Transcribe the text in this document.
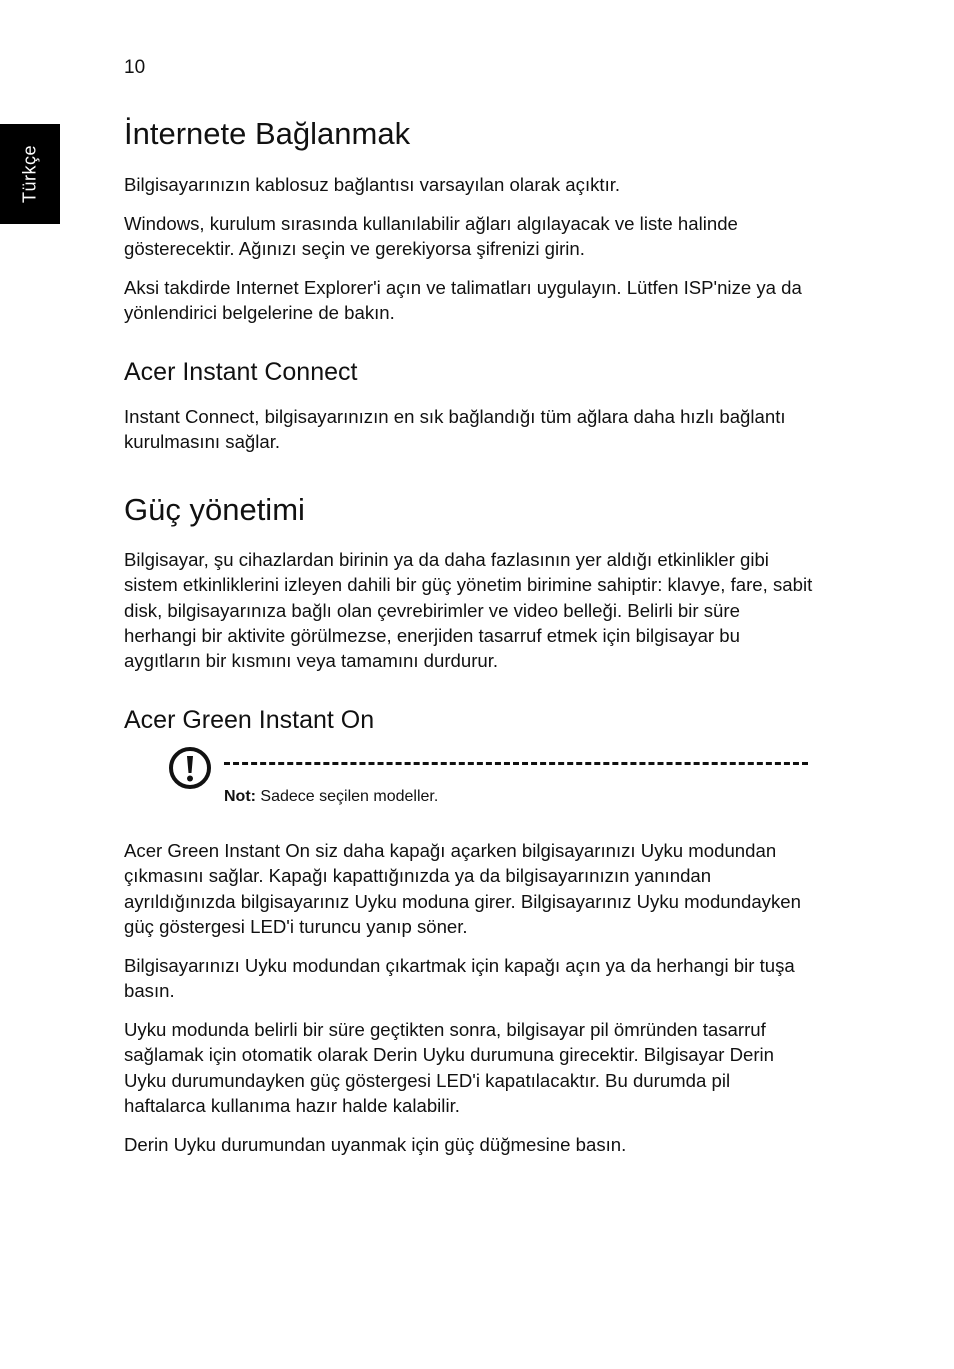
10
Türkçe
İnternete Bağlanmak

Bilgisayarınızın kablosuz bağlantısı varsayılan olarak açıktır.

Windows, kurulum sırasında kullanılabilir ağları algılayacak ve liste halinde gösterecektir. Ağınızı seçin ve gerekiyorsa şifrenizi girin.

Aksi takdirde Internet Explorer'i açın ve talimatları uygulayın. Lütfen ISP'nize ya da yönlendirici belgelerine de bakın.

Acer Instant Connect

Instant Connect, bilgisayarınızın en sık bağlandığı tüm ağlara daha hızlı bağlantı kurulmasını sağlar.

Güç yönetimi

Bilgisayar, şu cihazlardan birinin ya da daha fazlasının yer aldığı etkinlikler gibi sistem etkinliklerini izleyen dahili bir güç yönetim birimine sahiptir: klavye, fare, sabit disk, bilgisayarınıza bağlı olan çevrebirimler ve video belleği. Belirli bir süre herhangi bir aktivite görülmezse, enerjiden tasarruf etmek için bilgisayar bu aygıtların bir kısmını veya tamamını durdurur.

Acer Green Instant On

Acer Green Instant On siz daha kapağı açarken bilgisayarınızı Uyku modundan çıkmasını sağlar. Kapağı kapattığınızda ya da bilgisayarınızın yanından ayrıldığınızda bilgisayarınız Uyku moduna girer. Bilgisayarınız Uyku modundayken güç göstergesi LED'i turuncu yanıp söner.

Bilgisayarınızı Uyku modundan çıkartmak için kapağı açın ya da herhangi bir tuşa basın.

Uyku modunda belirli bir süre geçtikten sonra, bilgisayar pil ömründen tasarruf sağlamak için otomatik olarak Derin Uyku durumuna girecektir. Bilgisayar Derin Uyku durumundayken güç göstergesi LED'i kapatılacaktır. Bu durumda pil haftalarca kullanıma hazır halde kalabilir.

Derin Uyku durumundan uyanmak için güç düğmesine basın.

Not: Sadece seçilen modeller.
